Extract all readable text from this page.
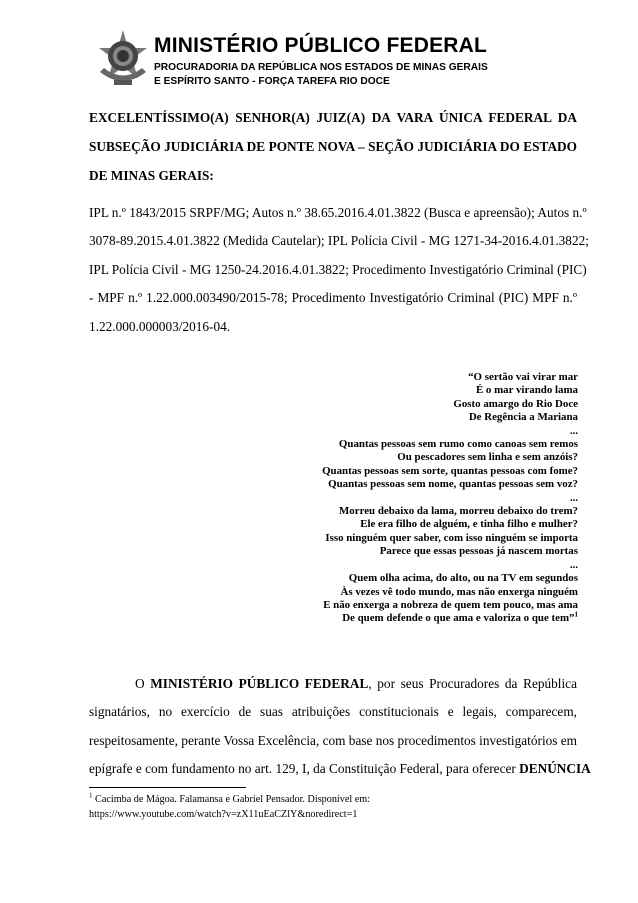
MINISTÉRIO PÚBLICO FEDERAL
PROCURADORIA DA REPÚBLICA NOS ESTADOS DE MINAS GERAIS
E ESPÍRITO SANTO - FORÇA TAREFA RIO DOCE
EXCELENTÍSSIMO(A) SENHOR(A) JUIZ(A) DA VARA ÚNICA FEDERAL DA
SUBSEÇÃO JUDICIÁRIA DE PONTE NOVA – SEÇÃO JUDICIÁRIA DO ESTADO
DE MINAS GERAIS:
IPL n.º 1843/2015 SRPF/MG; Autos n.º 38.65.2016.4.01.3822 (Busca e apreensão); Autos n.º
3078-89.2015.4.01.3822 (Medida Cautelar); IPL Polícia Civil - MG 1271-34-2016.4.01.3822;
IPL Polícia Civil - MG 1250-24.2016.4.01.3822; Procedimento Investigatório Criminal (PIC)
- MPF n.º 1.22.000.003490/2015-78; Procedimento Investigatório Criminal (PIC) MPF n.º
1.22.000.000003/2016-04.
“O sertão vai virar mar
É o mar virando lama
Gosto amargo do Rio Doce
De Regência a Mariana
...
Quantas pessoas sem rumo como canoas sem remos
Ou pescadores sem linha e sem anzóis?
Quantas pessoas sem sorte, quantas pessoas com fome?
Quantas pessoas sem nome, quantas pessoas sem voz?
...
Morreu debaixo da lama, morreu debaixo do trem?
Ele era filho de alguém, e tinha filho e mulher?
Isso ninguém quer saber, com isso ninguém se importa
Parece que essas pessoas já nascem mortas
...
Quem olha acima, do alto, ou na TV em segundos
Às vezes vê todo mundo, mas não enxerga ninguém
E não enxerga a nobreza de quem tem pouco, mas ama
De quem defende o que ama e valoriza o que tem”$^1$
O MINISTÉRIO PÚBLICO FEDERAL, por seus Procuradores da República
signatários, no exercício de suas atribuições constitucionais e legais, comparecem,
respeitosamente, perante Vossa Excelência, com base nos procedimentos investigatórios em
epígrafe e com fundamento no art. 129, I, da Constituição Federal, para oferecer DENÚNCIA
$^1$ Cacimba de Mágoa. Falamansa e Gabriel Pensador. Disponível em:
https://www.youtube.com/watch?v=zX11uEaCZlY&noredirect=1
